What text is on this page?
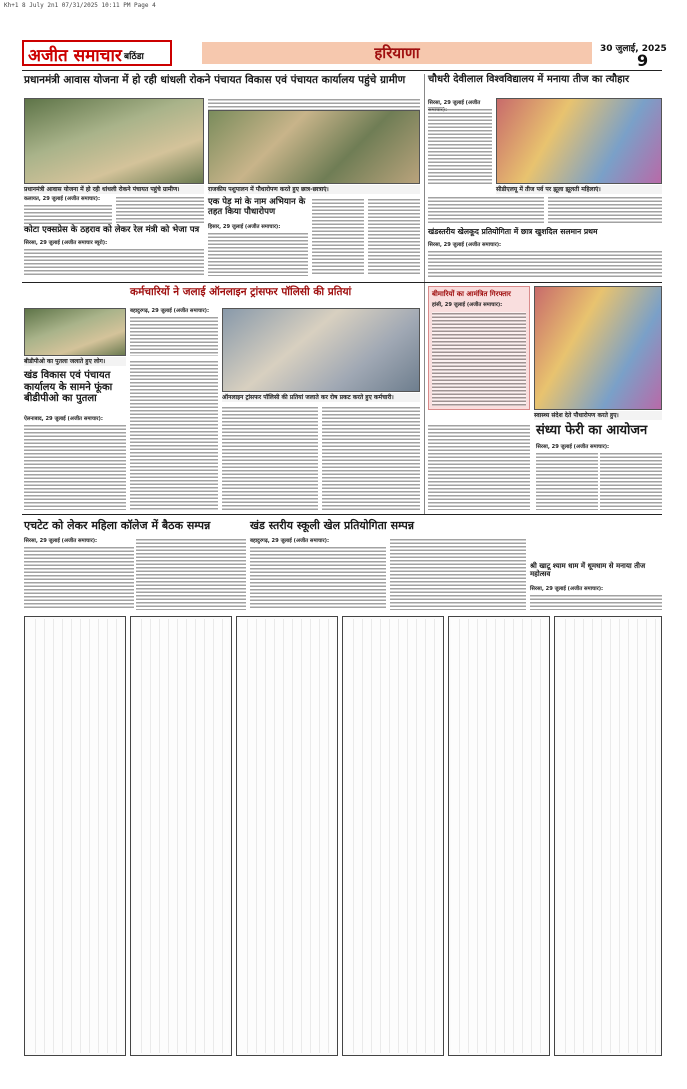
Kh+1 8 July 2n1 07/31/2025 10:11 PM Page 4
अजीत समाचार बठिंडा	हरियाणा	30 जुलाई, 2025
9
प्रधानमंत्री आवास योजना में हो रही धांधली रोकने पंचायत विकास एवं पंचायत कार्यालय पहुंचे ग्रामीण
प्रधानमंत्री आवास योजना में हो रही धांधली रोकने पंचायत पहुंचे ग्रामीण।
कलायत, 29 जुलाई (अजीत समाचार):
कोटा एक्सप्रेस के ठहराव को लेकर रेल मंत्री को भेजा पत्र
सिरसा, 29 जुलाई (अजीत समाचार ब्यूरो):
राजकीय पशुपालन में पौधारोपण करते हुए छात्र-छात्राएं।
एक पेड़ मां के नाम अभियान के तहत किया पौधारोपण
हिसार, 29 जुलाई (अजीत समाचार):
चौधरी देवीलाल विश्वविद्यालय में मनाया तीज का त्यौहार
सिरसा, 29 जुलाई (अजीत
सीडीएलयू में तीज पर्व पर झूला झूलती महिलाएं।
खंडस्तरीय खेलकूद प्रतियोगिता में छात्र खुशदिल सलमान प्रथम
सिरसा, 29 जुलाई (अजीत समाचार):
कर्मचारियों ने जलाई ऑनलाइन ट्रांसफर पॉलिसी की प्रतियां
बहादुरगढ़, 29 जुलाई (अजीत समाचार):
ऑनलाइन ट्रांसफर पॉलिसी की प्रतियां जलाते कर रोष प्रकट करते हुए कर्मचारी।
बीडीपीओ का पुतला जलाते हुए लोग।
खंड विकास एवं पंचायत कार्यालय के सामने फूंका बीडीपीओ का पुतला
ऐलनाबाद, 29 जुलाई (अजीत समाचार):
बीमारियों का आमंत्रित गिरफ्तार
हांसी, 29 जुलाई (अजीत समाचार):
स्वास्थ्य संदेश देते पौधारोपण करते हुए।
संध्या फेरी का आयोजन
सिरसा, 29 जुलाई (अजीत समाचार):
एचटेट को लेकर महिला कॉलेज में बैठक सम्पन्न
सिरसा, 29 जुलाई (अजीत समाचार):
खंड स्तरीय स्कूली खेल प्रतियोगिता सम्पन्न
बहादुरगढ़, 29 जुलाई (अजीत समाचार):
श्री खाटू श्याम धाम में धूमधाम से मनाया तीज महोत्सव
सिरसा, 29 जुलाई (अजीत समाचार):
